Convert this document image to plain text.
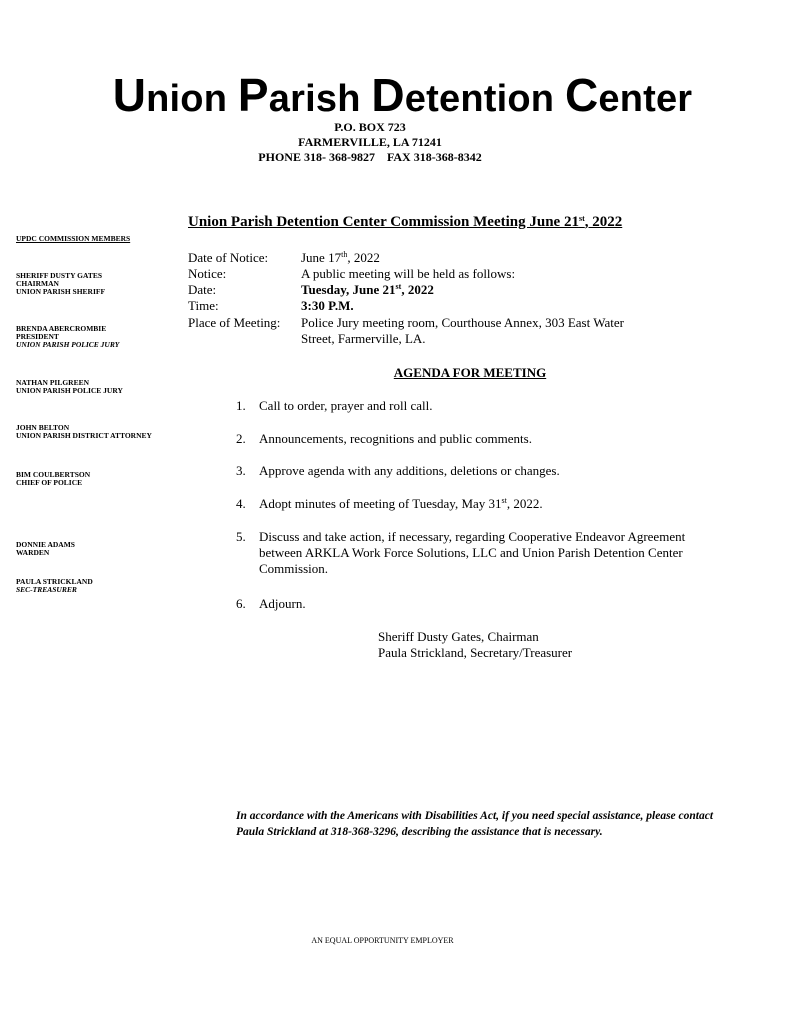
Union Parish Detention Center
P.O. BOX 723
FARMERVILLE, LA 71241
PHONE 318- 368-9827    FAX 318-368-8342
Union Parish Detention Center Commission Meeting June 21st, 2022
UPDC COMMISSION MEMBERS
SHERIFF DUSTY GATES
CHAIRMAN
UNION PARISH SHERIFF
BRENDA ABERCROMBIE
PRESIDENT
UNION PARISH POLICE JURY
NATHAN PILGREEN
UNION PARISH POLICE JURY
JOHN BELTON
UNION PARISH DISTRICT ATTORNEY
BIM COULBERTSON
CHIEF OF POLICE
DONNIE ADAMS
WARDEN
PAULA STRICKLAND
SEC-TREASURER
Date of Notice:	June 17th, 2022
Notice:	A public meeting will be held as follows:
Date:	Tuesday, June 21st, 2022
Time:	3:30 P.M.
Place of Meeting: Police Jury meeting room, Courthouse Annex, 303 East Water
Street, Farmerville, LA.
AGENDA FOR MEETING
1. Call to order, prayer and roll call.
2. Announcements, recognitions and public comments.
3. Approve agenda with any additions, deletions or changes.
4. Adopt minutes of meeting of Tuesday, May 31st, 2022.
5. Discuss and take action, if necessary, regarding Cooperative Endeavor Agreement between ARKLA Work Force Solutions, LLC and Union Parish Detention Center Commission.
6. Adjourn.
Sheriff Dusty Gates, Chairman
Paula Strickland, Secretary/Treasurer
In accordance with the Americans with Disabilities Act, if you need special assistance, please contact Paula Strickland at 318-368-3296, describing the assistance that is necessary.
AN EQUAL OPPORTUNITY EMPLOYER
